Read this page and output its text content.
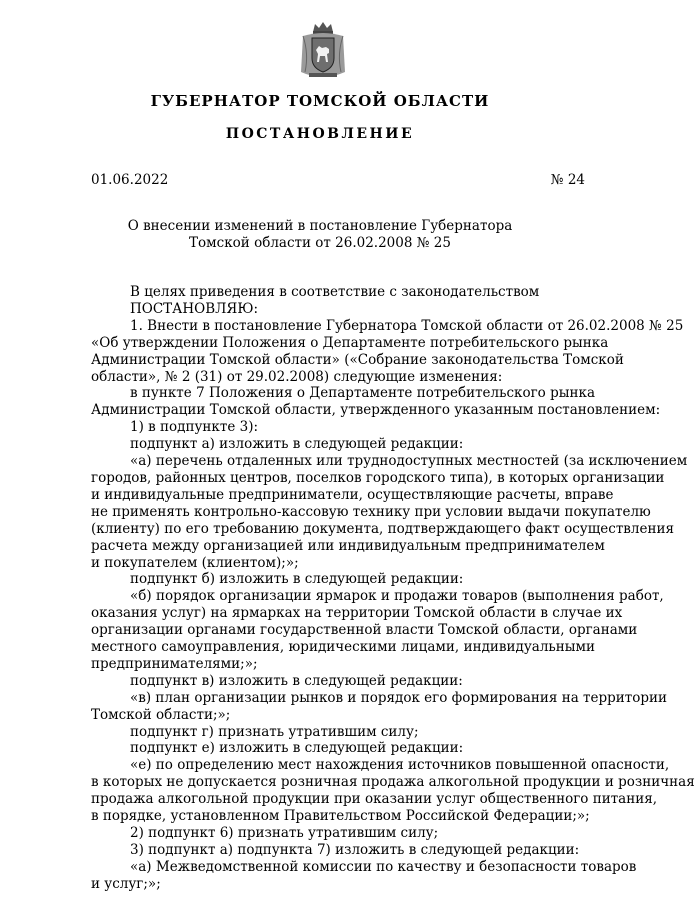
ГУБЕРНАТОР ТОМСКОЙ ОБЛАСТИ
ПОСТАНОВЛЕНИЕ
01.06.2022	№ 24
О внесении изменений в постановление Губернатора
Томской области от 26.02.2008 № 25
В целях приведения в соответствие с законодательством
ПОСТАНОВЛЯЮ:
1. Внести в постановление Губернатора Томской области от 26.02.2008 № 25
«Об утверждении Положения о Департаменте потребительского рынка
Администрации Томской области» («Собрание законодательства Томской
области», № 2 (31) от 29.02.2008) следующие изменения:
в пункте 7 Положения о Департаменте потребительского рынка
Администрации Томской области, утвержденного указанным постановлением:
1) в подпункте 3):
подпункт а) изложить в следующей редакции:
«а) перечень отдаленных или труднодоступных местностей (за исключением
городов, районных центров, поселков городского типа), в которых организации
и индивидуальные предприниматели, осуществляющие расчеты, вправе
не применять контрольно-кассовую технику при условии выдачи покупателю
(клиенту) по его требованию документа, подтверждающего факт осуществления
расчета между организацией или индивидуальным предпринимателем
и покупателем (клиентом);»;
подпункт б) изложить в следующей редакции:
«б) порядок организации ярмарок и продажи товаров (выполнения работ,
оказания услуг) на ярмарках на территории Томской области в случае их
организации органами государственной власти Томской области, органами
местного самоуправления, юридическими лицами, индивидуальными
предпринимателями;»;
подпункт в) изложить в следующей редакции:
«в) план организации рынков и порядок его формирования на территории
Томской области;»;
подпункт г) признать утратившим силу;
подпункт е) изложить в следующей редакции:
«е) по определению мест нахождения источников повышенной опасности,
в которых не допускается розничная продажа алкогольной продукции и розничная
продажа алкогольной продукции при оказании услуг общественного питания,
в порядке, установленном Правительством Российской Федерации;»;
2) подпункт 6) признать утратившим силу;
3) подпункт а) подпункта 7) изложить в следующей редакции:
«а) Межведомственной комиссии по качеству и безопасности товаров
и услуг;»;
